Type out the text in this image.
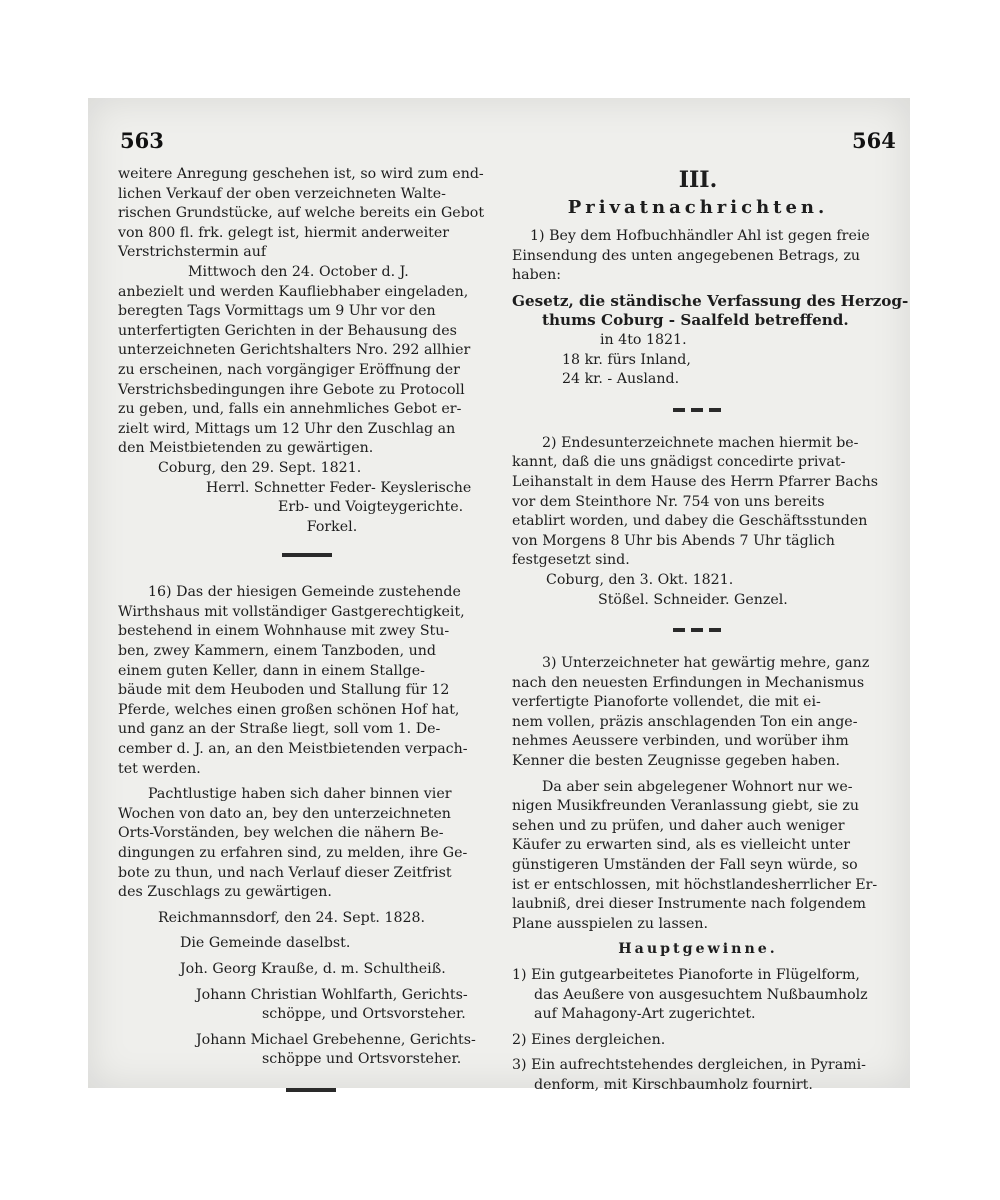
563	564
weitere Anregung geschehen ist, so wird zum end-
lichen Verkauf der oben verzeichneten Walte-
rischen Grundstücke, auf welche bereits ein Gebot
von 800 fl. frk. gelegt ist, hiermit anderweiter
Verstrichstermin auf
Mittwoch den 24. October d. J.
anbezielt und werden Kaufliebhaber eingeladen,
beregten Tags Vormittags um 9 Uhr vor den
unterfertigten Gerichten in der Behausung des
unterzeichneten Gerichtshalters Nro. 292 allhier
zu erscheinen, nach vorgängiger Eröffnung der
Verstrichsbedingungen ihre Gebote zu Protocoll
zu geben, und, falls ein annehmliches Gebot er-
zielt wird, Mittags um 12 Uhr den Zuschlag an
den Meistbietenden zu gewärtigen.
Coburg, den 29. Sept. 1821.
Herrl. Schnetter Feder- Keyslerische
Erb- und Voigteygerichte.
Forkel.
16) Das der hiesigen Gemeinde zustehende
Wirthshaus mit vollständiger Gastgerechtigkeit,
bestehend in einem Wohnhause mit zwey Stu-
ben, zwey Kammern, einem Tanzboden, und
einem guten Keller, dann in einem Stallge-
bäude mit dem Heuboden und Stallung für 12
Pferde, welches einen großen schönen Hof hat,
und ganz an der Straße liegt, soll vom 1. De-
cember d. J. an, an den Meistbietenden verpach-
tet werden.
Pachtlustige haben sich daher binnen vier
Wochen von dato an, bey den unterzeichneten
Orts-Vorständen, bey welchen die nähern Be-
dingungen zu erfahren sind, zu melden, ihre Ge-
bote zu thun, und nach Verlauf dieser Zeitfrist
des Zuschlags zu gewärtigen.
Reichmannsdorf, den 24. Sept. 1828.
Die Gemeinde daselbst.
Joh. Georg Krauße, d. m. Schultheiß.
Johann Christian Wohlfarth, Gerichts-
schöppe, und Ortsvorsteher.
Johann Michael Grebehenne, Gerichts-
schöppe und Ortsvorsteher.
III.
Privatnachrichten.
1) Bey dem Hofbuchhändler Ahl ist gegen freie
Einsendung des unten angegebenen Betrags, zu
haben:
Gesetz, die ständische Verfassung des Herzog-
thums Coburg - Saalfeld betreffend.
in 4to 1821.
18 kr. fürs Inland,
24 kr. - Ausland.
2) Endesunterzeichnete machen hiermit be-
kannt, daß die uns gnädigst concedirte privat-
Leihanstalt in dem Hause des Herrn Pfarrer Bachs
vor dem Steinthore Nr. 754 von uns bereits
etablirt worden, und dabey die Geschäftsstunden
von Morgens 8 Uhr bis Abends 7 Uhr täglich
festgesetzt sind.
Coburg, den 3. Okt. 1821.
Stößel. Schneider. Genzel.
3) Unterzeichneter hat gewärtig mehre, ganz
nach den neuesten Erfindungen in Mechanismus
verfertigte Pianoforte vollendet, die mit ei-
nem vollen, präzis anschlagenden Ton ein ange-
nehmes Aeussere verbinden, und worüber ihm
Kenner die besten Zeugnisse gegeben haben.
Da aber sein abgelegener Wohnort nur we-
nigen Musikfreunden Veranlassung giebt, sie zu
sehen und zu prüfen, und daher auch weniger
Käufer zu erwarten sind, als es vielleicht unter
günstigeren Umständen der Fall seyn würde, so
ist er entschlossen, mit höchstlandesherrlicher Er-
laubniß, drei dieser Instrumente nach folgendem
Plane ausspielen zu lassen.
Hauptgewinne.
1) Ein gutgearbeitetes Pianoforte in Flügelform,
das Aeußere von ausgesuchtem Nußbaumholz
auf Mahagony-Art zugerichtet.
2) Eines dergleichen.
3) Ein aufrechtstehendes dergleichen, in Pyrami-
denform, mit Kirschbaumholz fournirt.
